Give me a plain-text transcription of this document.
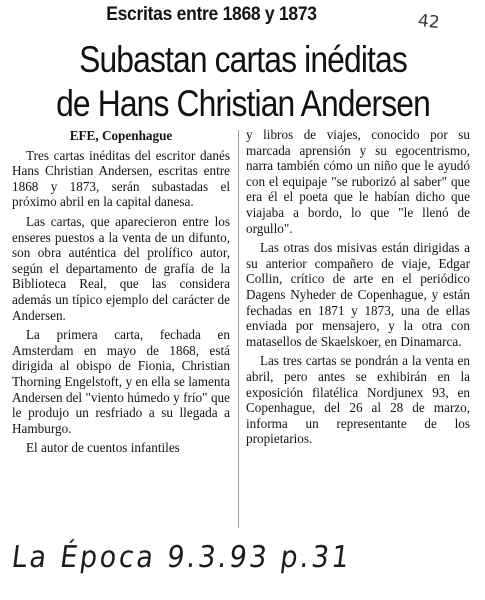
Escritas entre 1868 y 1873	42
Subastan cartas inéditas
de Hans Christian Andersen

EFE, Copenhague

Tres cartas inéditas del escritor danés Hans Christian Andersen, escritas entre 1868 y 1873, serán subastadas el próximo abril en la capital danesa.

Las cartas, que aparecieron entre los enseres puestos a la venta de un difunto, son obra auténtica del prolífico autor, según el departamento de grafía de la Biblioteca Real, que las considera además un típico ejemplo del carácter de Andersen.

La primera carta, fechada en Amsterdam en mayo de 1868, está dirigida al obispo de Fionia, Christian Thorning Engelstoft, y en ella se lamenta Andersen del "viento húmedo y frío" que le produjo un resfriado a su llegada a Hamburgo.

El autor de cuentos infantiles

y libros de viajes, conocido por su marcada aprensión y su egocentrismo, narra también cómo un niño que le ayudó con el equipaje "se ruborizó al saber" que era él el poeta que le habían dicho que viajaba a bordo, lo que "le llenó de orgullo".

Las otras dos misivas están dirigidas a su anterior compañero de viaje, Edgar Collin, crítico de arte en el periódico Dagens Nyheder de Copenhague, y están fechadas en 1871 y 1873, una de ellas enviada por mensajero, y la otra con matasellos de Skaelskoer, en Dinamarca.

Las tres cartas se pondrán a la venta en abril, pero antes se exhibirán en la exposición filatélica Nordjunex 93, en Copenhague, del 26 al 28 de marzo, informa un representante de los propietarios.

La Época 9.3.93 p.31
